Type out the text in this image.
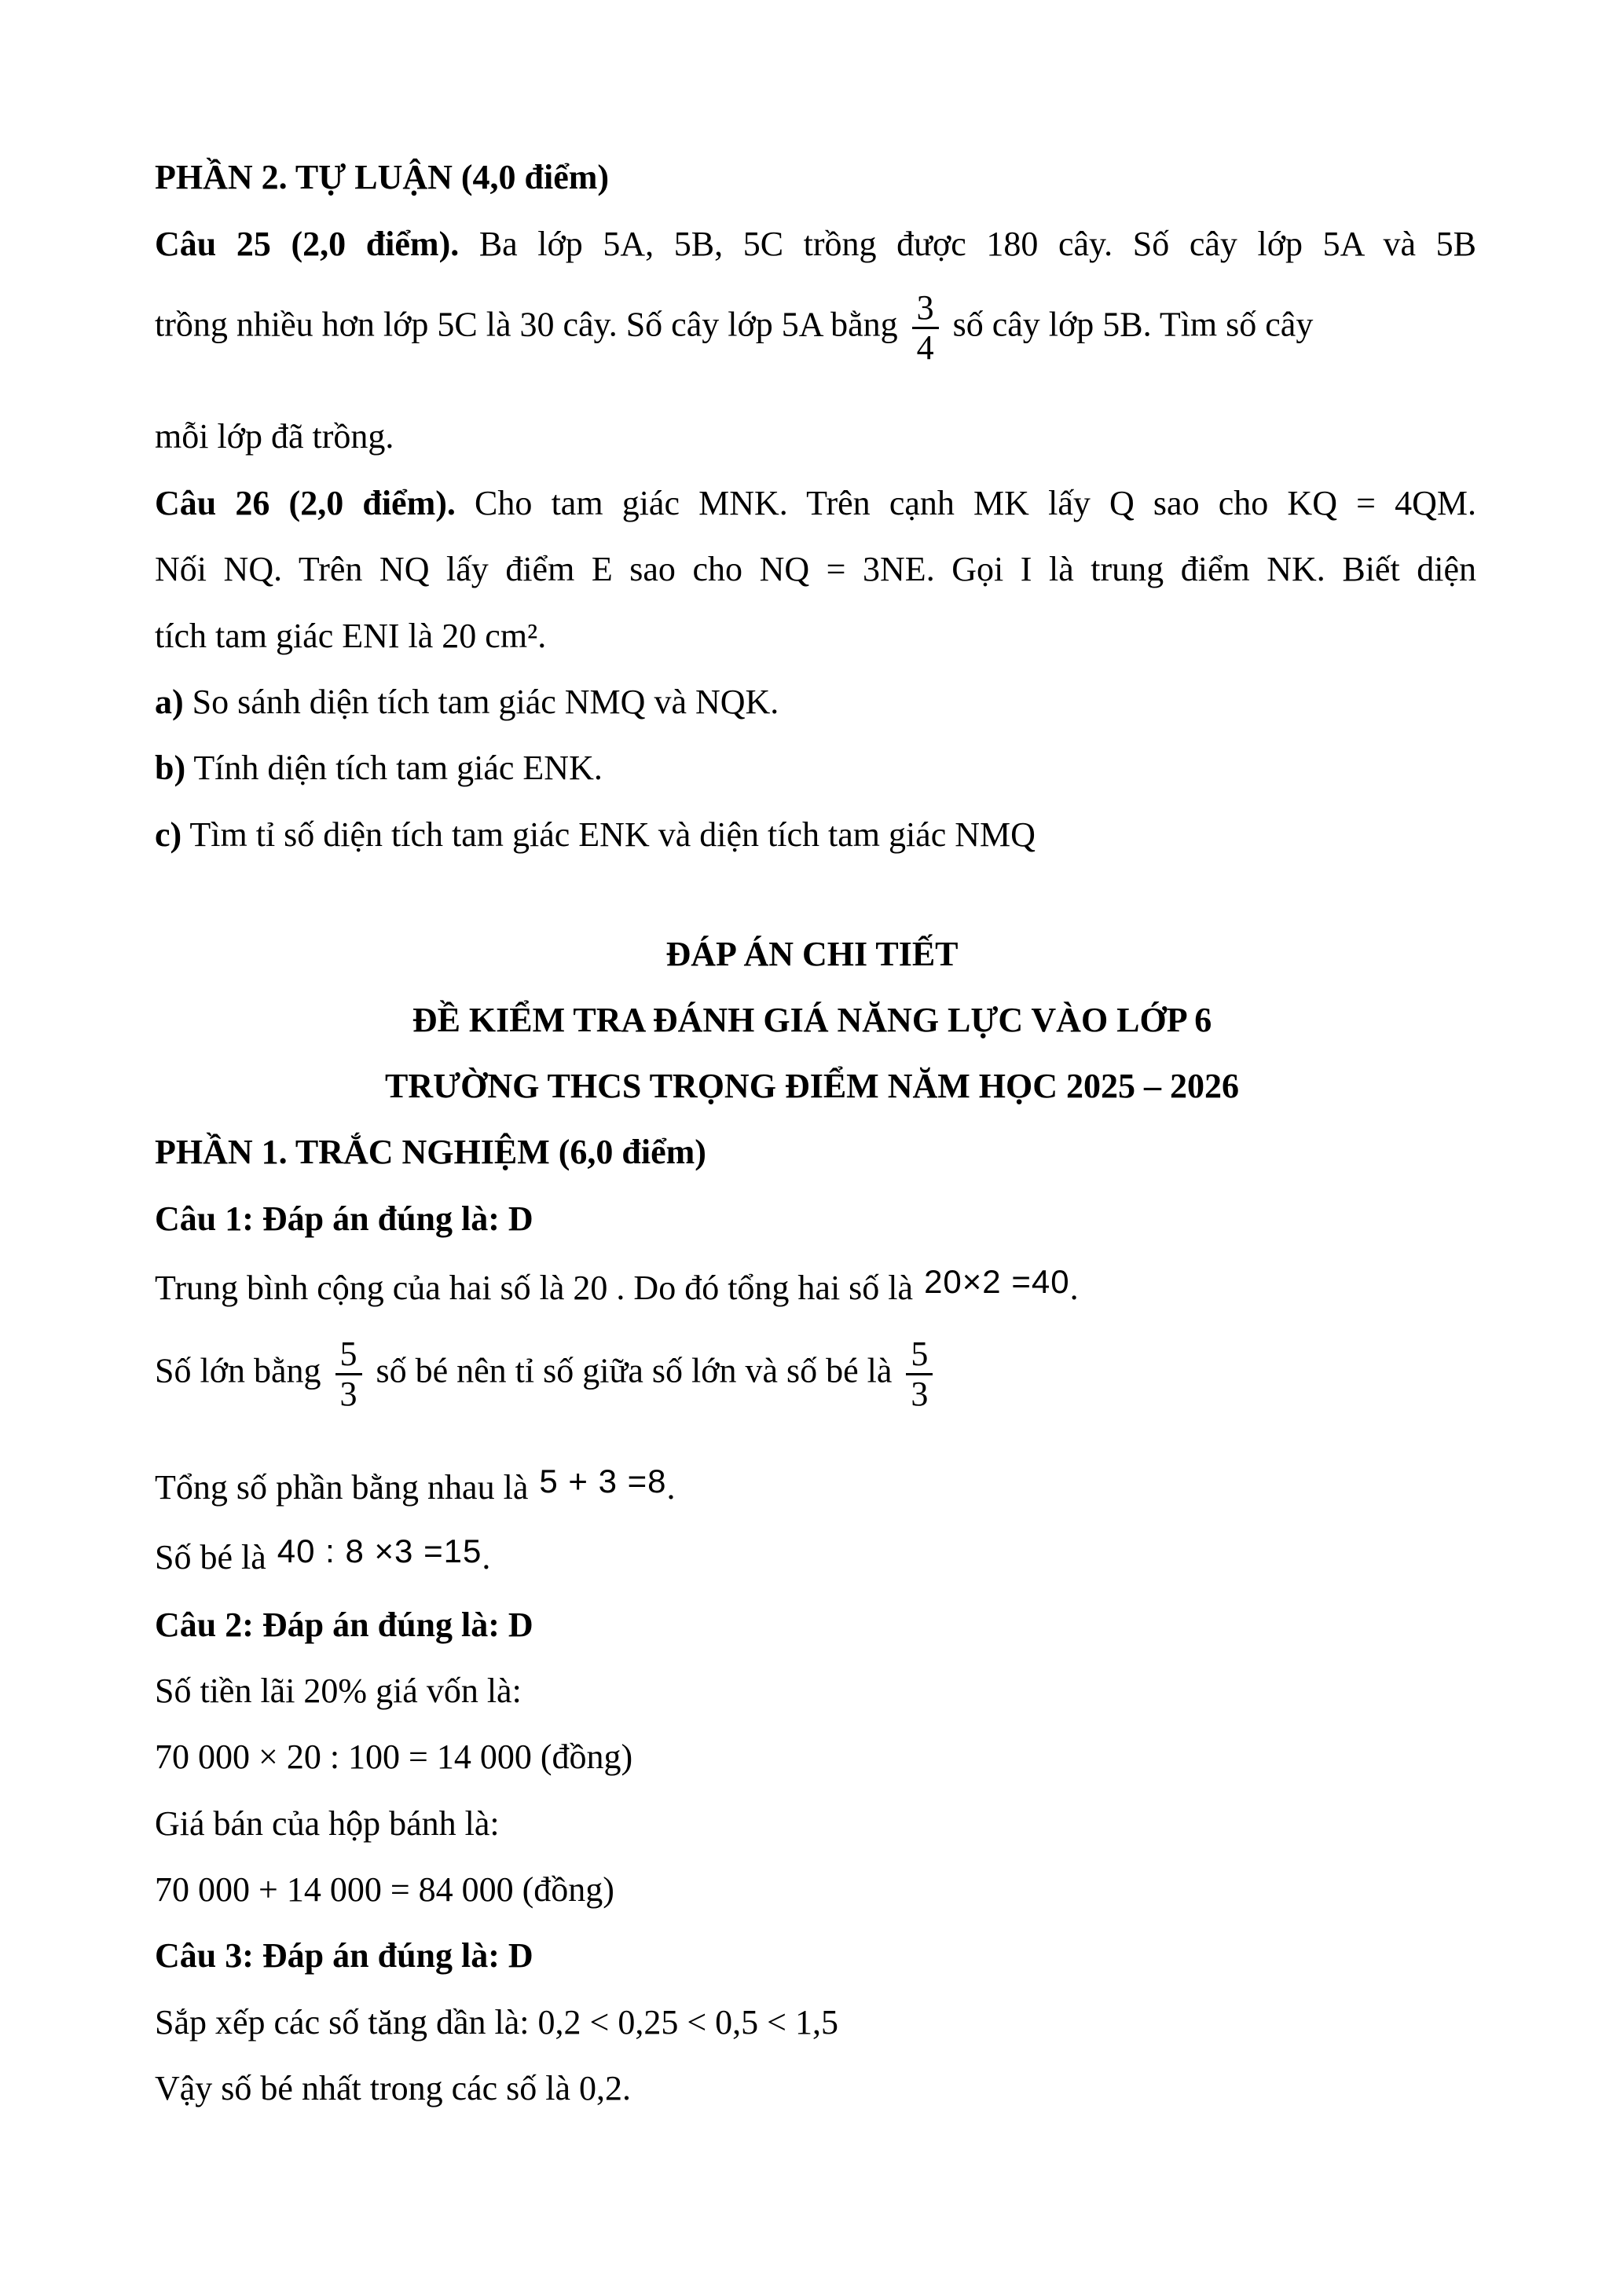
PHẦN 2. TỰ LUẬN (4,0 điểm)
Câu 25 (2,0 điểm). Ba lớp 5A, 5B, 5C trồng được 180 cây. Số cây lớp 5A và 5B
trồng nhiều hơn lớp 5C là 30 cây. Số cây lớp 5A bằng $\frac{3}{4}$ số cây lớp 5B. Tìm số cây
mỗi lớp đã trồng.
Câu 26 (2,0 điểm). Cho tam giác MNK. Trên cạnh MK lấy Q sao cho KQ = 4QM.
Nối NQ. Trên NQ lấy điểm E sao cho NQ = 3NE. Gọi I là trung điểm NK. Biết diện
tích tam giác ENI là 20 cm².
a) So sánh diện tích tam giác NMQ và NQK.
b) Tính diện tích tam giác ENK.
c) Tìm tỉ số diện tích tam giác ENK và diện tích tam giác NMQ
ĐÁP ÁN CHI TIẾT
ĐỀ KIỂM TRA ĐÁNH GIÁ NĂNG LỰC VÀO LỚP 6
TRƯỜNG THCS TRỌNG ĐIỂM NĂM HỌC 2025 – 2026
PHẦN 1. TRẮC NGHIỆM (6,0 điểm)
Câu 1: Đáp án đúng là: D
Trung bình cộng của hai số là 20 . Do đó tổng hai số là 20×2 =40.
Số lớn bằng $\frac{5}{3}$ số bé nên tỉ số giữa số lớn và số bé là $\frac{5}{3}$
Tổng số phần bằng nhau là 5 + 3 =8.
Số bé là 40 : 8 ×3 =15.
Câu 2: Đáp án đúng là: D
Số tiền lãi 20% giá vốn là:
70 000 × 20 : 100 = 14 000 (đồng)
Giá bán của hộp bánh là:
70 000 + 14 000 = 84 000 (đồng)
Câu 3: Đáp án đúng là: D
Sắp xếp các số tăng dần là: 0,2 < 0,25 < 0,5 < 1,5
Vậy số bé nhất trong các số là 0,2.
